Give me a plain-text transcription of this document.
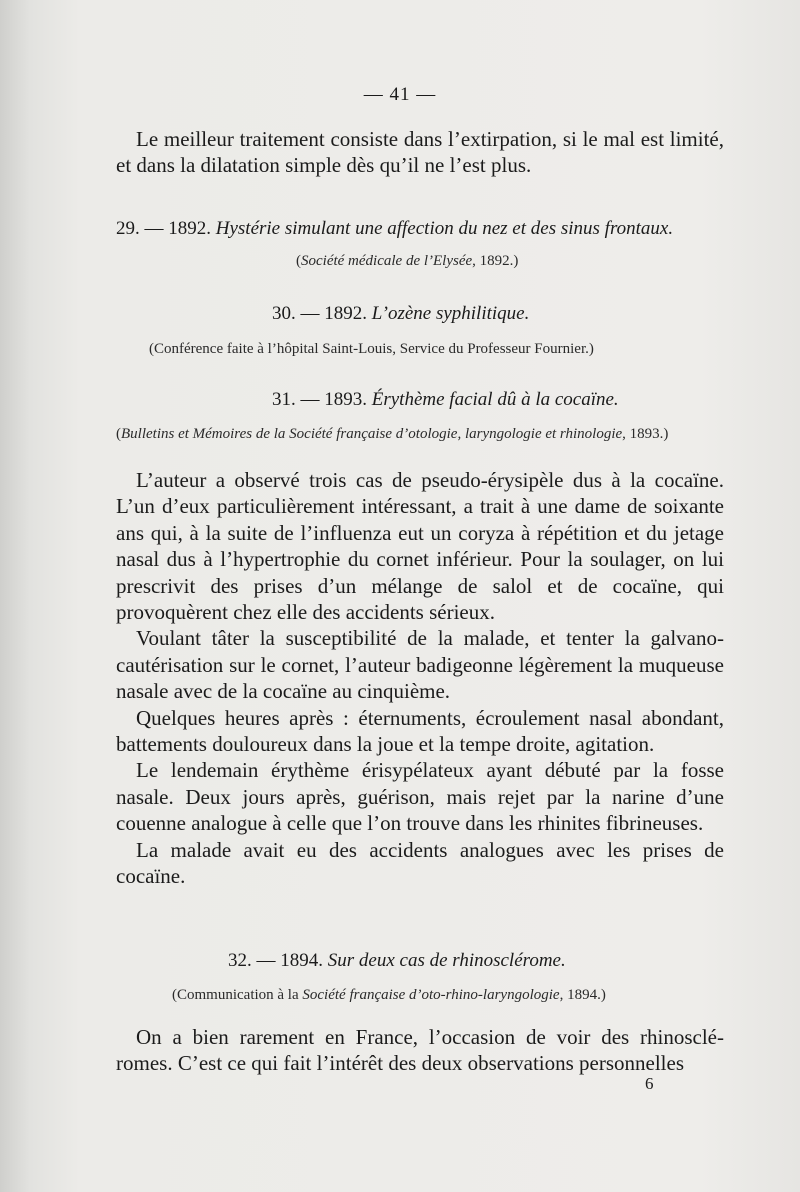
— 41 —

Le meilleur traitement consiste dans l’extirpation, si le mal est limité, et dans la dilatation simple dès qu’il ne l’est plus.

29. — 1892. Hystérie simulant une affection du nez et des sinus frontaux.
(Société médicale de l’Elysée, 1892.)
30. — 1892. L’ozène syphilitique.
(Conférence faite à l’hôpital Saint-Louis, Service du Professeur Fournier.)
31. — 1893. Érythème facial dû à la cocaïne.
(Bulletins et Mémoires de la Société française d’otologie, laryngologie et rhinologie, 1893.)

L’auteur a observé trois cas de pseudo-érysipèle dus à la cocaïne. L’un d’eux particulièrement intéressant, a trait à une dame de soixante ans qui, à la suite de l’influenza eut un coryza à répétition et du jetage nasal dus à l’hypertrophie du cornet inférieur. Pour la soulager, on lui prescrivit des prises d’un mélange de salol et de cocaïne, qui provoquèrent chez elle des accidents sérieux.

Voulant tâter la susceptibilité de la malade, et tenter la galvano-cautérisation sur le cornet, l’auteur badigeonne légèrement la muqueuse nasale avec de la cocaïne au cinquième.

Quelques heures après : éternuments, écroulement nasal abondant, battements douloureux dans la joue et la tempe droite, agitation.

Le lendemain érythème érisypélateux ayant débuté par la fosse nasale. Deux jours après, guérison, mais rejet par la narine d’une couenne analogue à celle que l’on trouve dans les rhinites fibrineuses.

La malade avait eu des accidents analogues avec les prises de cocaïne.

32. — 1894. Sur deux cas de rhinosclérome.
(Communication à la Société française d’oto-rhino-laryngologie, 1894.)

On a bien rarement en France, l’occasion de voir des rhinosclé-romes. C’est ce qui fait l’intérêt des deux observations personnelles

6
